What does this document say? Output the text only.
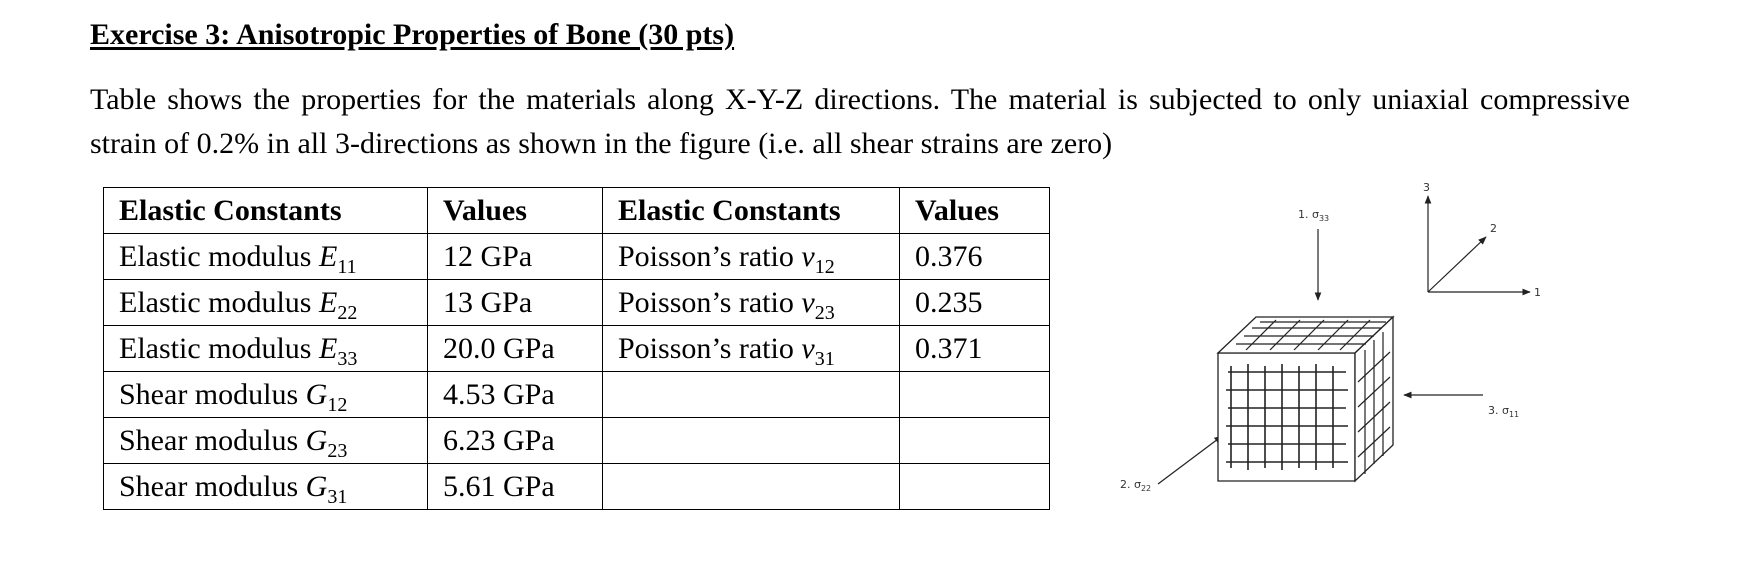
Exercise 3: Anisotropic Properties of Bone (30 pts)
Table shows the properties for the materials along X-Y-Z directions. The material is subjected to only uniaxial compressive strain of 0.2% in all 3-directions as shown in the figure (i.e. all shear strains are zero)
Elastic Constants	Values	Elastic Constants	Values
Elastic modulus $E_{11}$	12 GPa	Poisson’s ratio $\nu_{12}$	0.376
Elastic modulus $E_{22}$	13 GPa	Poisson’s ratio $\nu_{23}$	0.235
Elastic modulus $E_{33}$	20.0 GPa	Poisson’s ratio $\nu_{31}$	0.371
Shear modulus $G_{12}$	4.53 GPa		
Shear modulus $G_{23}$	6.23 GPa		
Shear modulus $G_{31}$	5.61 GPa		
1. $\sigma_{33}$
3. $\sigma_{11}$
2. $\sigma_{22}$
3
2
1
